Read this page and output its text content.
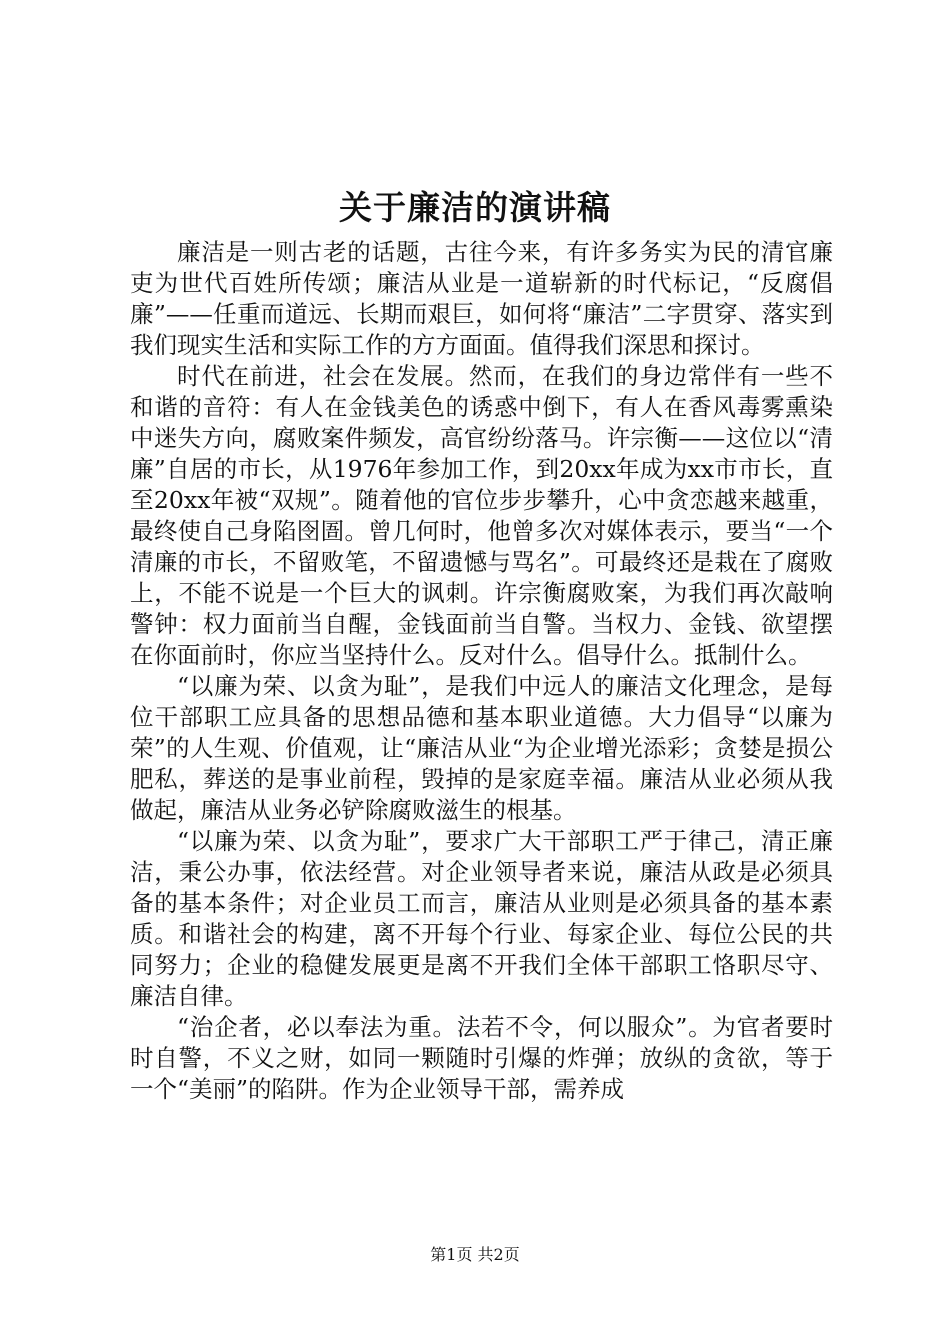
关于廉洁的演讲稿

廉洁是一则古老的话题，古往今来，有许多务实为民的清官廉吏为世代百姓所传颂；廉洁从业是一道崭新的时代标记，“反腐倡廉”——任重而道远、长期而艰巨，如何将“廉洁”二字贯穿、落实到我们现实生活和实际工作的方方面面。值得我们深思和探讨。

时代在前进，社会在发展。然而，在我们的身边常伴有一些不和谐的音符：有人在金钱美色的诱惑中倒下，有人在香风毒雾熏染中迷失方向，腐败案件频发，高官纷纷落马。许宗衡——这位以“清廉”自居的市长，从1976年参加工作，到20xx年成为xx市市长，直至20xx年被“双规”。随着他的官位步步攀升，心中贪恋越来越重，最终使自己身陷囹圄。曾几何时，他曾多次对媒体表示，要当“一个清廉的市长，不留败笔，不留遗憾与骂名”。可最终还是栽在了腐败上，不能不说是一个巨大的讽刺。许宗衡腐败案，为我们再次敲响警钟：权力面前当自醒，金钱面前当自警。当权力、金钱、欲望摆在你面前时，你应当坚持什么。反对什么。倡导什么。抵制什么。

“以廉为荣、以贪为耻”，是我们中远人的廉洁文化理念，是每位干部职工应具备的思想品德和基本职业道德。大力倡导“以廉为荣”的人生观、价值观，让“廉洁从业“为企业增光添彩；贪婪是损公肥私，葬送的是事业前程，毁掉的是家庭幸福。廉洁从业必须从我做起，廉洁从业务必铲除腐败滋生的根基。

“以廉为荣、以贪为耻”，要求广大干部职工严于律己，清正廉洁，秉公办事，依法经营。对企业领导者来说，廉洁从政是必须具备的基本条件；对企业员工而言，廉洁从业则是必须具备的基本素质。和谐社会的构建，离不开每个行业、每家企业、每位公民的共同努力；企业的稳健发展更是离不开我们全体干部职工恪职尽守、廉洁自律。

“治企者，必以奉法为重。法若不令，何以服众”。为官者要时时自警，不义之财，如同一颗随时引爆的炸弹；放纵的贪欲，等于一个“美丽”的陷阱。作为企业领导干部，需养成

第1页 共2页
